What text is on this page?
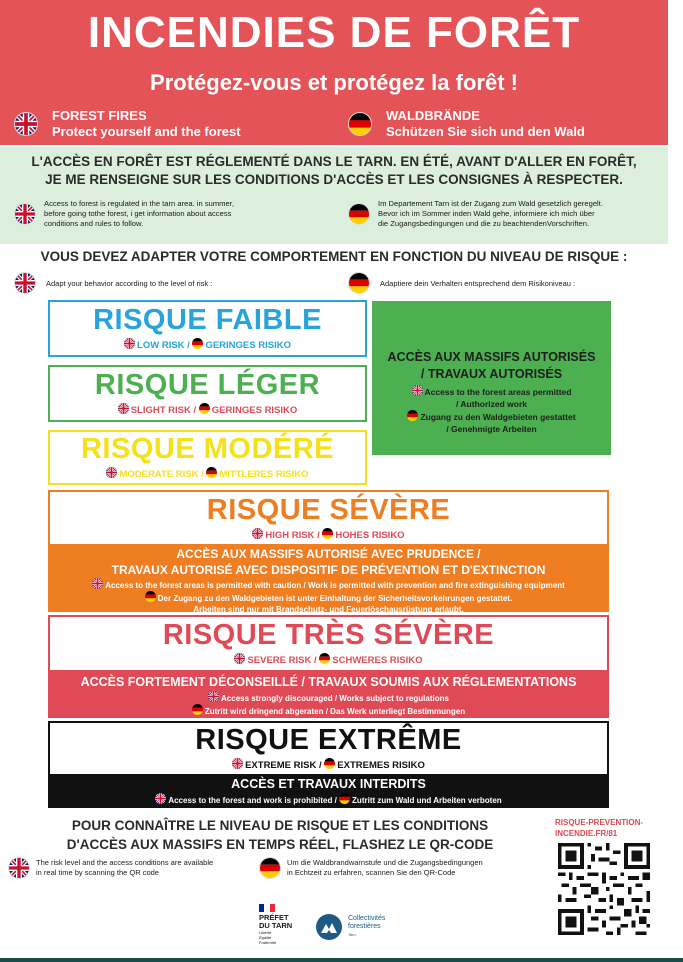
INCENDIES DE FORÊT
Protégez-vous et protégez la forêt !
FOREST FIRES
Protect yourself and the forest
WALDBRÄNDE
Schützen Sie sich und den Wald
L'ACCÈS EN FORÊT EST RÉGLEMENTÉ DANS LE TARN. EN ÉTÉ, AVANT D'ALLER EN FORÊT,
JE ME RENSEIGNE SUR LES CONDITIONS D'ACCÈS ET LES CONSIGNES À RESPECTER.
Access to forest is regulated in the tarn area. in summer,
before going tothe forest, i get information about access
conditions and rules to follow.
Im Departement Tarn ist der Zugang zum Wald gesetzlich geregelt.
Bevor ich im Sommer inden Wald gehe, informiere ich mich über
die Zugangsbedingungen und die zu beachtendenVorschriften.
VOUS DEVEZ ADAPTER VOTRE COMPORTEMENT EN FONCTION DU NIVEAU DE RISQUE :
Adapt your behavior according to the level of risk :	Adaptiere dein Verhalten entsprechend dem Risikoniveau :
RISQUE FAIBLE
LOW RISK / GERINGES RISIKO
RISQUE LÉGER
SLIGHT RISK / GERINGES RISIKO
RISQUE MODÉRÉ
MODERATE RISK / MITTLERES RISIKO
ACCÈS AUX MASSIFS AUTORISÉS
/ TRAVAUX AUTORISÉS
Access to the forest areas permitted
/ Authorized work
Zugang zu den Waldgebieten gestattet
/ Genehmigte Arbeiten
RISQUE SÉVÈRE
HIGH RISK / HOHES RISIKO
ACCÈS AUX MASSIFS AUTORISÉ AVEC PRUDENCE /
TRAVAUX AUTORISÉ AVEC DISPOSITIF DE PRÉVENTION ET D'EXTINCTION
Access to the forest areas is permitted with caution / Work is permitted with prevention and fire extinguishing equipment
Der Zugang zu den Waldgebieten ist unter Einhaltung der Sicherheitsvorkehrungen gestattet.
Arbeiten sind nur mit Brandschutz- und Feuerlöschausrüstung erlaubt.
RISQUE TRÈS SÉVÈRE
SEVERE RISK / SCHWERES RISIKO
ACCÈS FORTEMENT DÉCONSEILLÉ / TRAVAUX SOUMIS AUX RÉGLEMENTATIONS
Access strongly discouraged / Works subject to regulations
Zutritt wird dringend abgeraten / Das Werk unterliegt Bestimmungen
RISQUE EXTRÊME
EXTREME RISK / EXTREMES RISIKO
ACCÈS ET TRAVAUX INTERDITS
Access to the forest and work is prohibited / Zutritt zum Wald und Arbeiten verboten
POUR CONNAÎTRE LE NIVEAU DE RISQUE ET LES CONDITIONS
D'ACCÈS AUX MASSIFS EN TEMPS RÉEL, FLASHEZ LE QR-CODE
RISQUE-PREVENTION-
INCENDIE.FR/81
The risk level and the access conditions are available
in real time by scanning the QR code
Um die Waldbrandwarnstufe und die Zugangsbedingungen
in Echtzeit zu erfahren, scannen Sie den QR-Code
PRÉFET
DU TARN
Liberté
Égalité
Fraternité
Collectivités
forestières
Tarn
